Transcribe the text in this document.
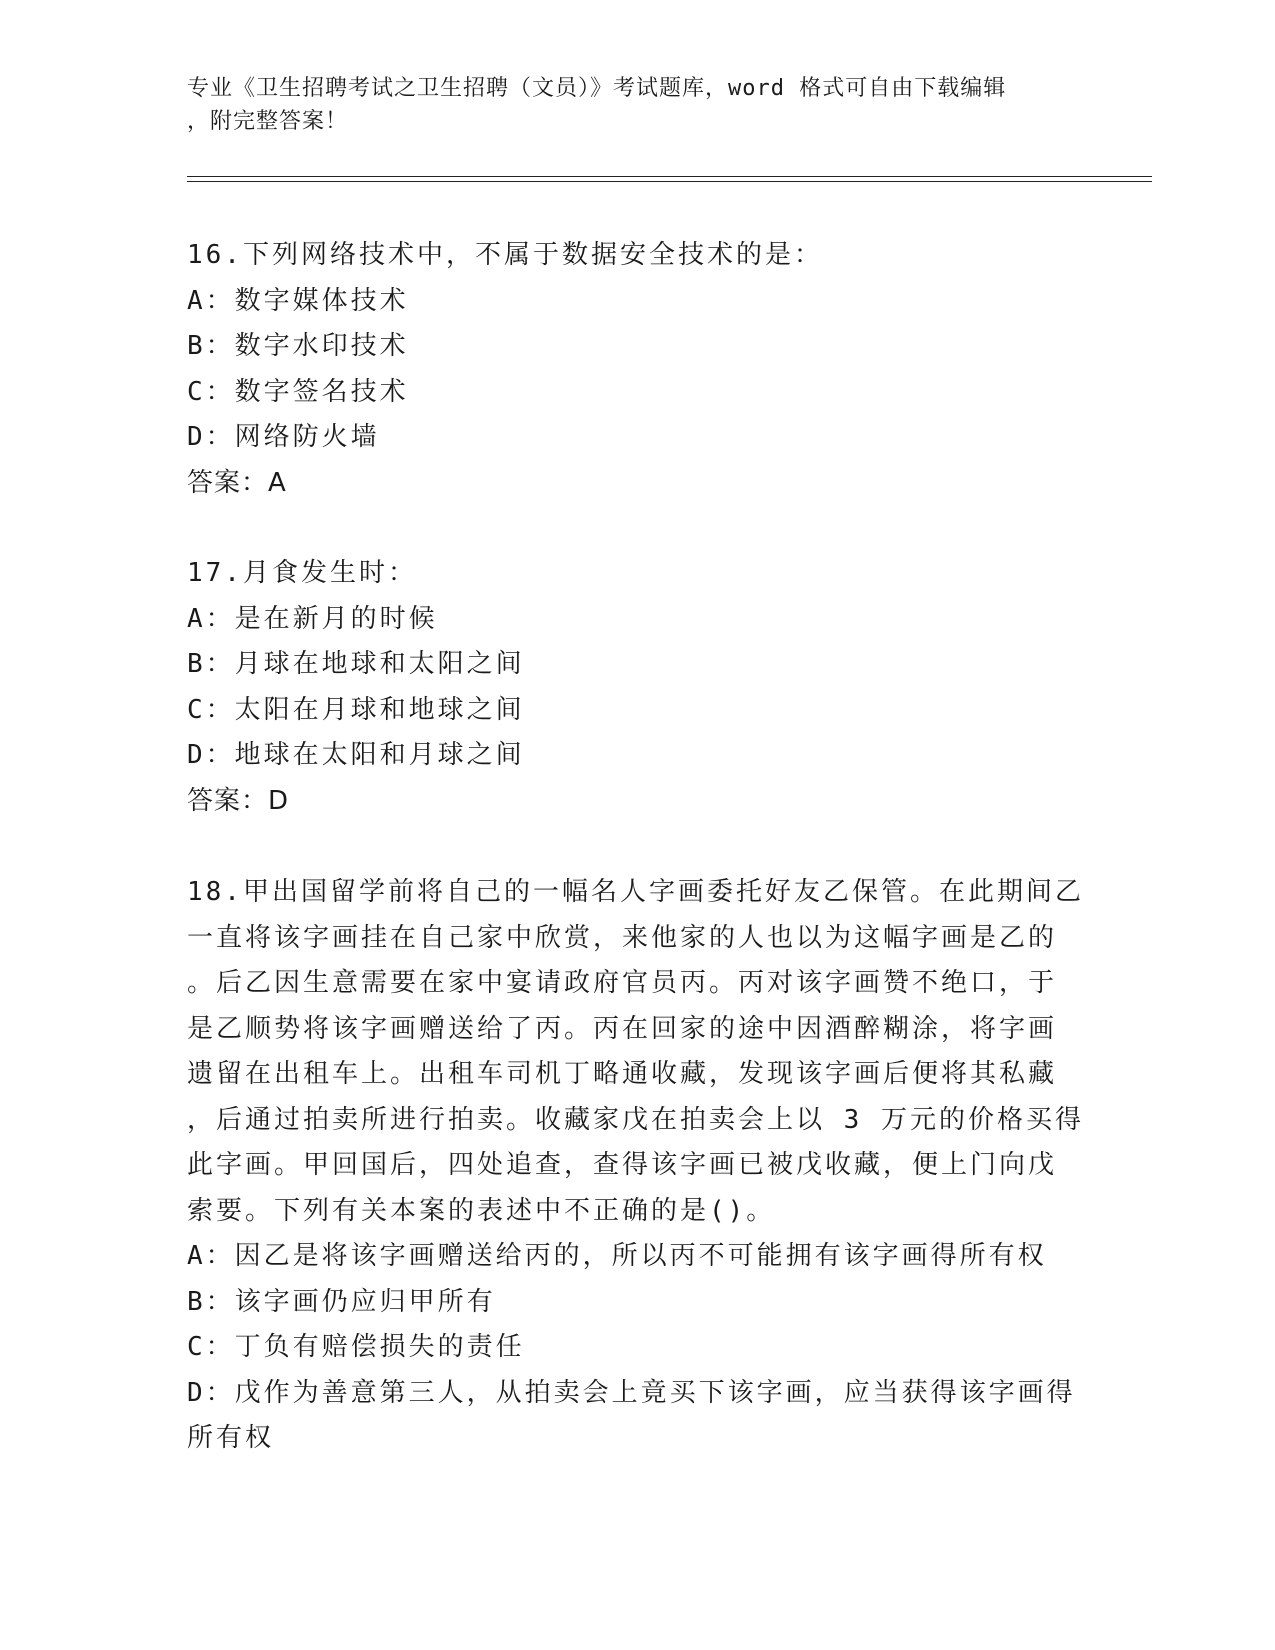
专业《卫生招聘考试之卫生招聘（文员）》考试题库，word 格式可自由下载编辑
，附完整答案！
16.下列网络技术中，不属于数据安全技术的是：
A：数字媒体技术
B：数字水印技术
C：数字签名技术
D：网络防火墙
答案：A
17.月食发生时：
A：是在新月的时候
B：月球在地球和太阳之间
C：太阳在月球和地球之间
D：地球在太阳和月球之间
答案：D
18.甲出国留学前将自己的一幅名人字画委托好友乙保管。在此期间乙
一直将该字画挂在自己家中欣赏，来他家的人也以为这幅字画是乙的
。后乙因生意需要在家中宴请政府官员丙。丙对该字画赞不绝口，于
是乙顺势将该字画赠送给了丙。丙在回家的途中因酒醉糊涂，将字画
遗留在出租车上。出租车司机丁略通收藏，发现该字画后便将其私藏
，后通过拍卖所进行拍卖。收藏家戊在拍卖会上以 3 万元的价格买得
此字画。甲回国后，四处追查，查得该字画已被戊收藏，便上门向戊
索要。下列有关本案的表述中不正确的是()。
A：因乙是将该字画赠送给丙的，所以丙不可能拥有该字画得所有权
B：该字画仍应归甲所有
C：丁负有赔偿损失的责任
D：戊作为善意第三人，从拍卖会上竟买下该字画，应当获得该字画得
所有权
